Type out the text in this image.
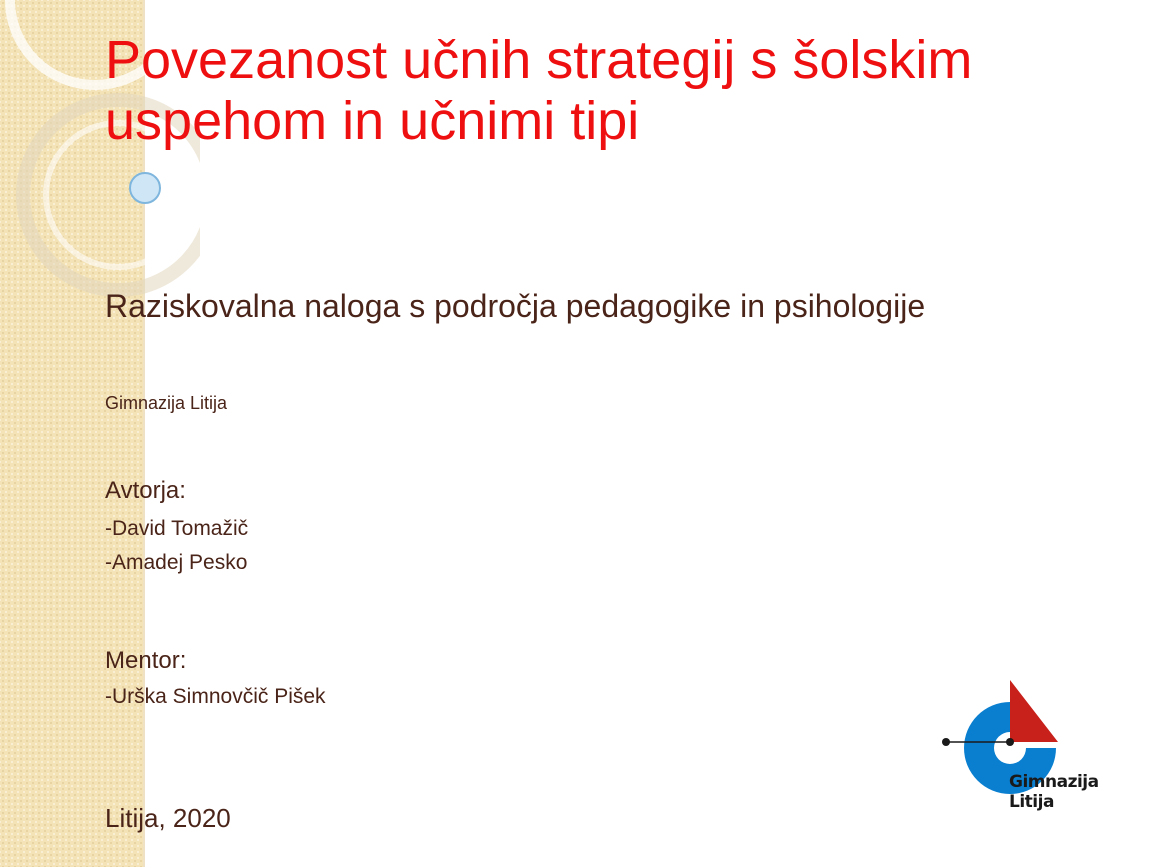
Povezanost učnih strategij s šolskim uspehom in učnimi tipi
Raziskovalna naloga s področja pedagogike in psihologije
Gimnazija Litija
Avtorja:
-David Tomažič
-Amadej Pesko
Mentor:
-Urška Simnovčič Pišek
Litija, 2020
Gimnazija
Litija
